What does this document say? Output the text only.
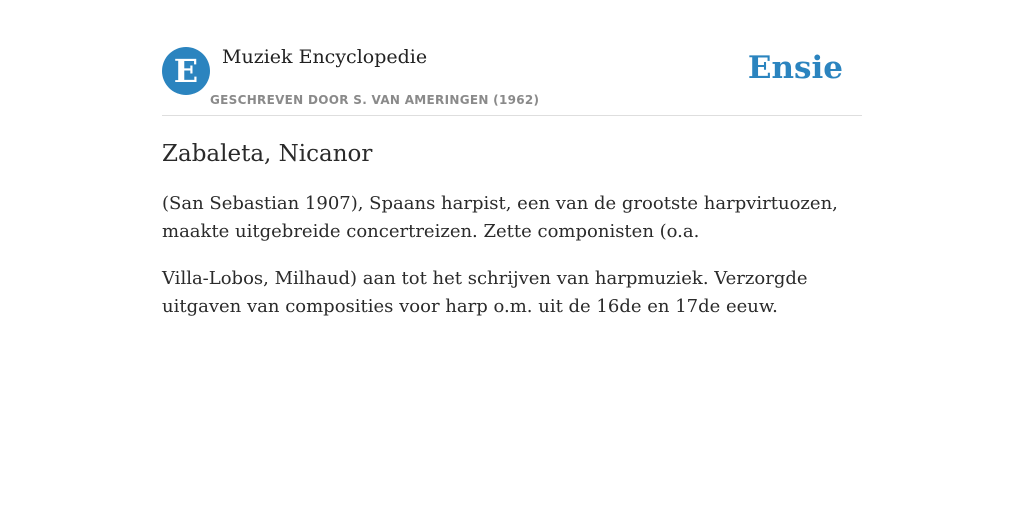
E	Muziek Encyclopedie
GESCHREVEN DOOR S. VAN AMERINGEN (1962)
Ensie
Zabaleta, Nicanor

(San Sebastian 1907), Spaans harpist, een van de grootste harpvirtuozen, maakte uitgebreide concertreizen. Zette componisten (o.a.

Villa-Lobos, Milhaud) aan tot het schrijven van harpmuziek. Verzorgde uitgaven van composities voor harp o.m. uit de 16de en 17de eeuw.
